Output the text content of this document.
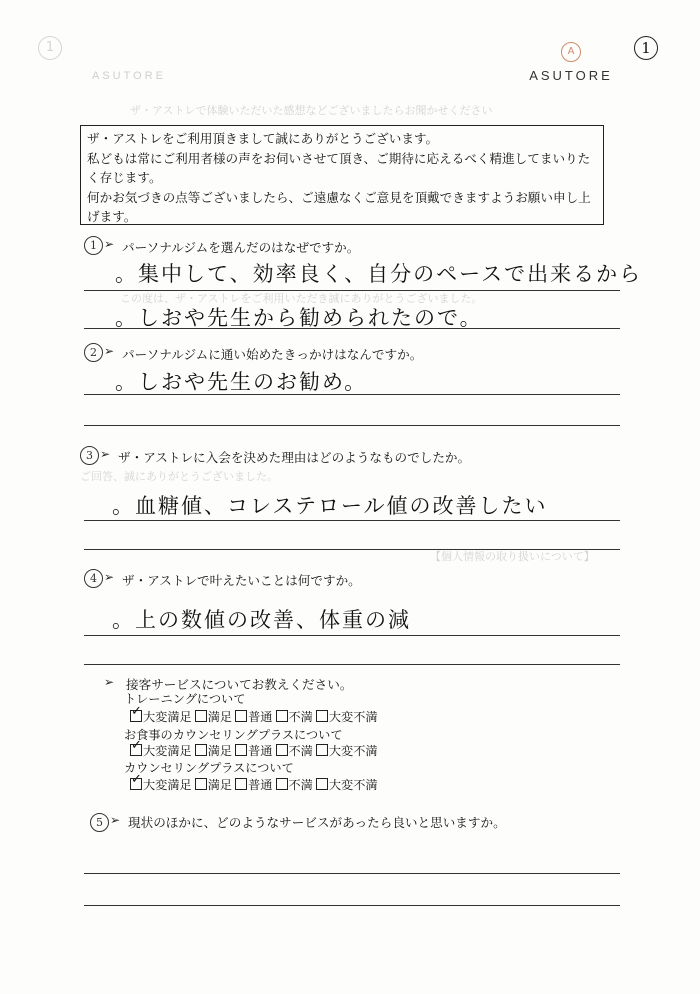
1
ASUTORE
ザ・アストレで体験いただいた感想などございましたらお聞かせください
この度は、ザ・アストレをご利用いただき誠にありがとうございました。
ご回答、誠にありがとうございました。
【個人情報の取り扱いについて】
A
ASUTORE
1
ザ・アストレをご利用頂きまして誠にありがとうございます。
私どもは常にご利用者様の声をお伺いさせて頂き、ご期待に応えるべく精進してまいりた
く存じます。
何かお気づきの点等ございましたら、ご遠慮なくご意見を頂戴できますようお願い申し上
げます。
1 ➢ パーソナルジムを選んだのはなぜですか。
。集中して、効率良く、自分のペースで出来るから
。しおや先生から勧められたので。
2 ➢ パーソナルジムに通い始めたきっかけはなんですか。
。しおや先生のお勧め。
3 ➢ ザ・アストレに入会を決めた理由はどのようなものでしたか。
。血糖値、コレステロール値の改善したい
4 ➢ ザ・アストレで叶えたいことは何ですか。
。上の数値の改善、体重の減
➢ 接客サービスについてお教えください。
トレーニングについて
✓ 大変満足 満足 普通 不満 大変不満
お食事のカウンセリングプラスについて
✓ 大変満足 満足 普通 不満 大変不満
カウンセリングプラスについて
✓ 大変満足 満足 普通 不満 大変不満
5 ➢ 現状のほかに、どのようなサービスがあったら良いと思いますか。
